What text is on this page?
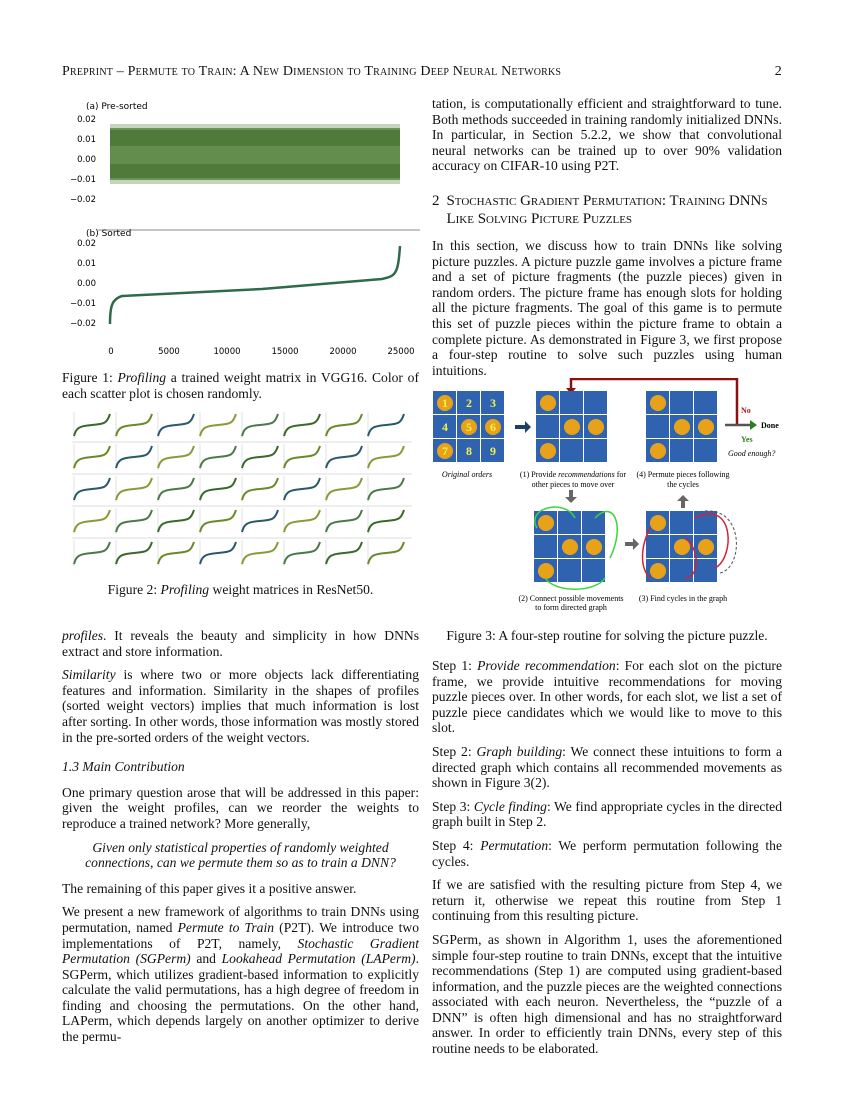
Preprint – Permute to Train: A New Dimension to Training Deep Neural Networks	2
(a) Pre-sorted
0.02
0.01
0.00
−0.01
−0.02
(b) Sorted
0.02
0.01
0.00
−0.01
−0.02
0	5000	10000	15000	20000	25000
Figure 1: Profiling a trained weight matrix in VGG16. Color of each scatter plot is chosen randomly.
Figure 2: Profiling weight matrices in ResNet50.

profiles. It reveals the beauty and simplicity in how DNNs extract and store information.

Similarity is where two or more objects lack differentiating features and information. Similarity in the shapes of profiles (sorted weight vectors) implies that much information is lost after sorting. In other words, those information was mostly stored in the pre-sorted orders of the weight vectors.

1.3 Main Contribution

One primary question arose that will be addressed in this paper: given the weight profiles, can we reorder the weights to reproduce a trained network? More generally,

Given only statistical properties of randomly weighted connections, can we permute them so as to train a DNN?

The remaining of this paper gives it a positive answer.

We present a new framework of algorithms to train DNNs using permutation, named Permute to Train (P2T). We introduce two implementations of P2T, namely, Stochastic Gradient Permutation (SGPerm) and Lookahead Permutation (LAPerm). SGPerm, which utilizes gradient-based information to explicitly calculate the valid permutations, has a high degree of freedom in finding and choosing the permutations. On the other hand, LAPerm, which depends largely on another optimizer to derive the permu-

tation, is computationally efficient and straightforward to tune. Both methods succeeded in training randomly initialized DNNs. In particular, in Section 5.2.2, we show that convolutional neural networks can be trained up to over 90% validation accuracy on CIFAR-10 using P2T.

2 Stochastic Gradient Permutation: Training DNNs Like Solving Picture Puzzles

In this section, we discuss how to train DNNs like solving picture puzzles. A picture puzzle game involves a picture frame and a set of picture fragments (the puzzle pieces) given in random orders. The picture frame has enough slots for holding all the picture fragments. The goal of this game is to permute this set of puzzle pieces within the picture frame to obtain a complete picture. As demonstrated in Figure 3, we first propose a four-step routine to solve such puzzles using human intuitions.

Original orders	(1) Provide recommendations for
other pieces to move over
(4) Permute pieces following
the cycles
(2) Connect possible movements
to form directed graph
(3) Find cycles in the graph
No
Done
Yes
Good enough?
1 2 3
4 5 6
7 8 9
Figure 3: A four-step routine for solving the picture puzzle.

Step 1: Provide recommendation: For each slot on the picture frame, we provide intuitive recommendations for moving puzzle pieces over. In other words, for each slot, we list a set of puzzle piece candidates which we would like to move to this slot.

Step 2: Graph building: We connect these intuitions to form a directed graph which contains all recommended movements as shown in Figure 3(2).

Step 3: Cycle finding: We find appropriate cycles in the directed graph built in Step 2.

Step 4: Permutation: We perform permutation following the cycles.

If we are satisfied with the resulting picture from Step 4, we return it, otherwise we repeat this routine from Step 1 continuing from this resulting picture.

SGPerm, as shown in Algorithm 1, uses the aforementioned simple four-step routine to train DNNs, except that the intuitive recommendations (Step 1) are computed using gradient-based information, and the puzzle pieces are the weighted connections associated with each neuron. Nevertheless, the “puzzle of a DNN” is often high dimensional and has no straightforward answer. In order to efficiently train DNNs, every step of this routine needs to be elaborated.
